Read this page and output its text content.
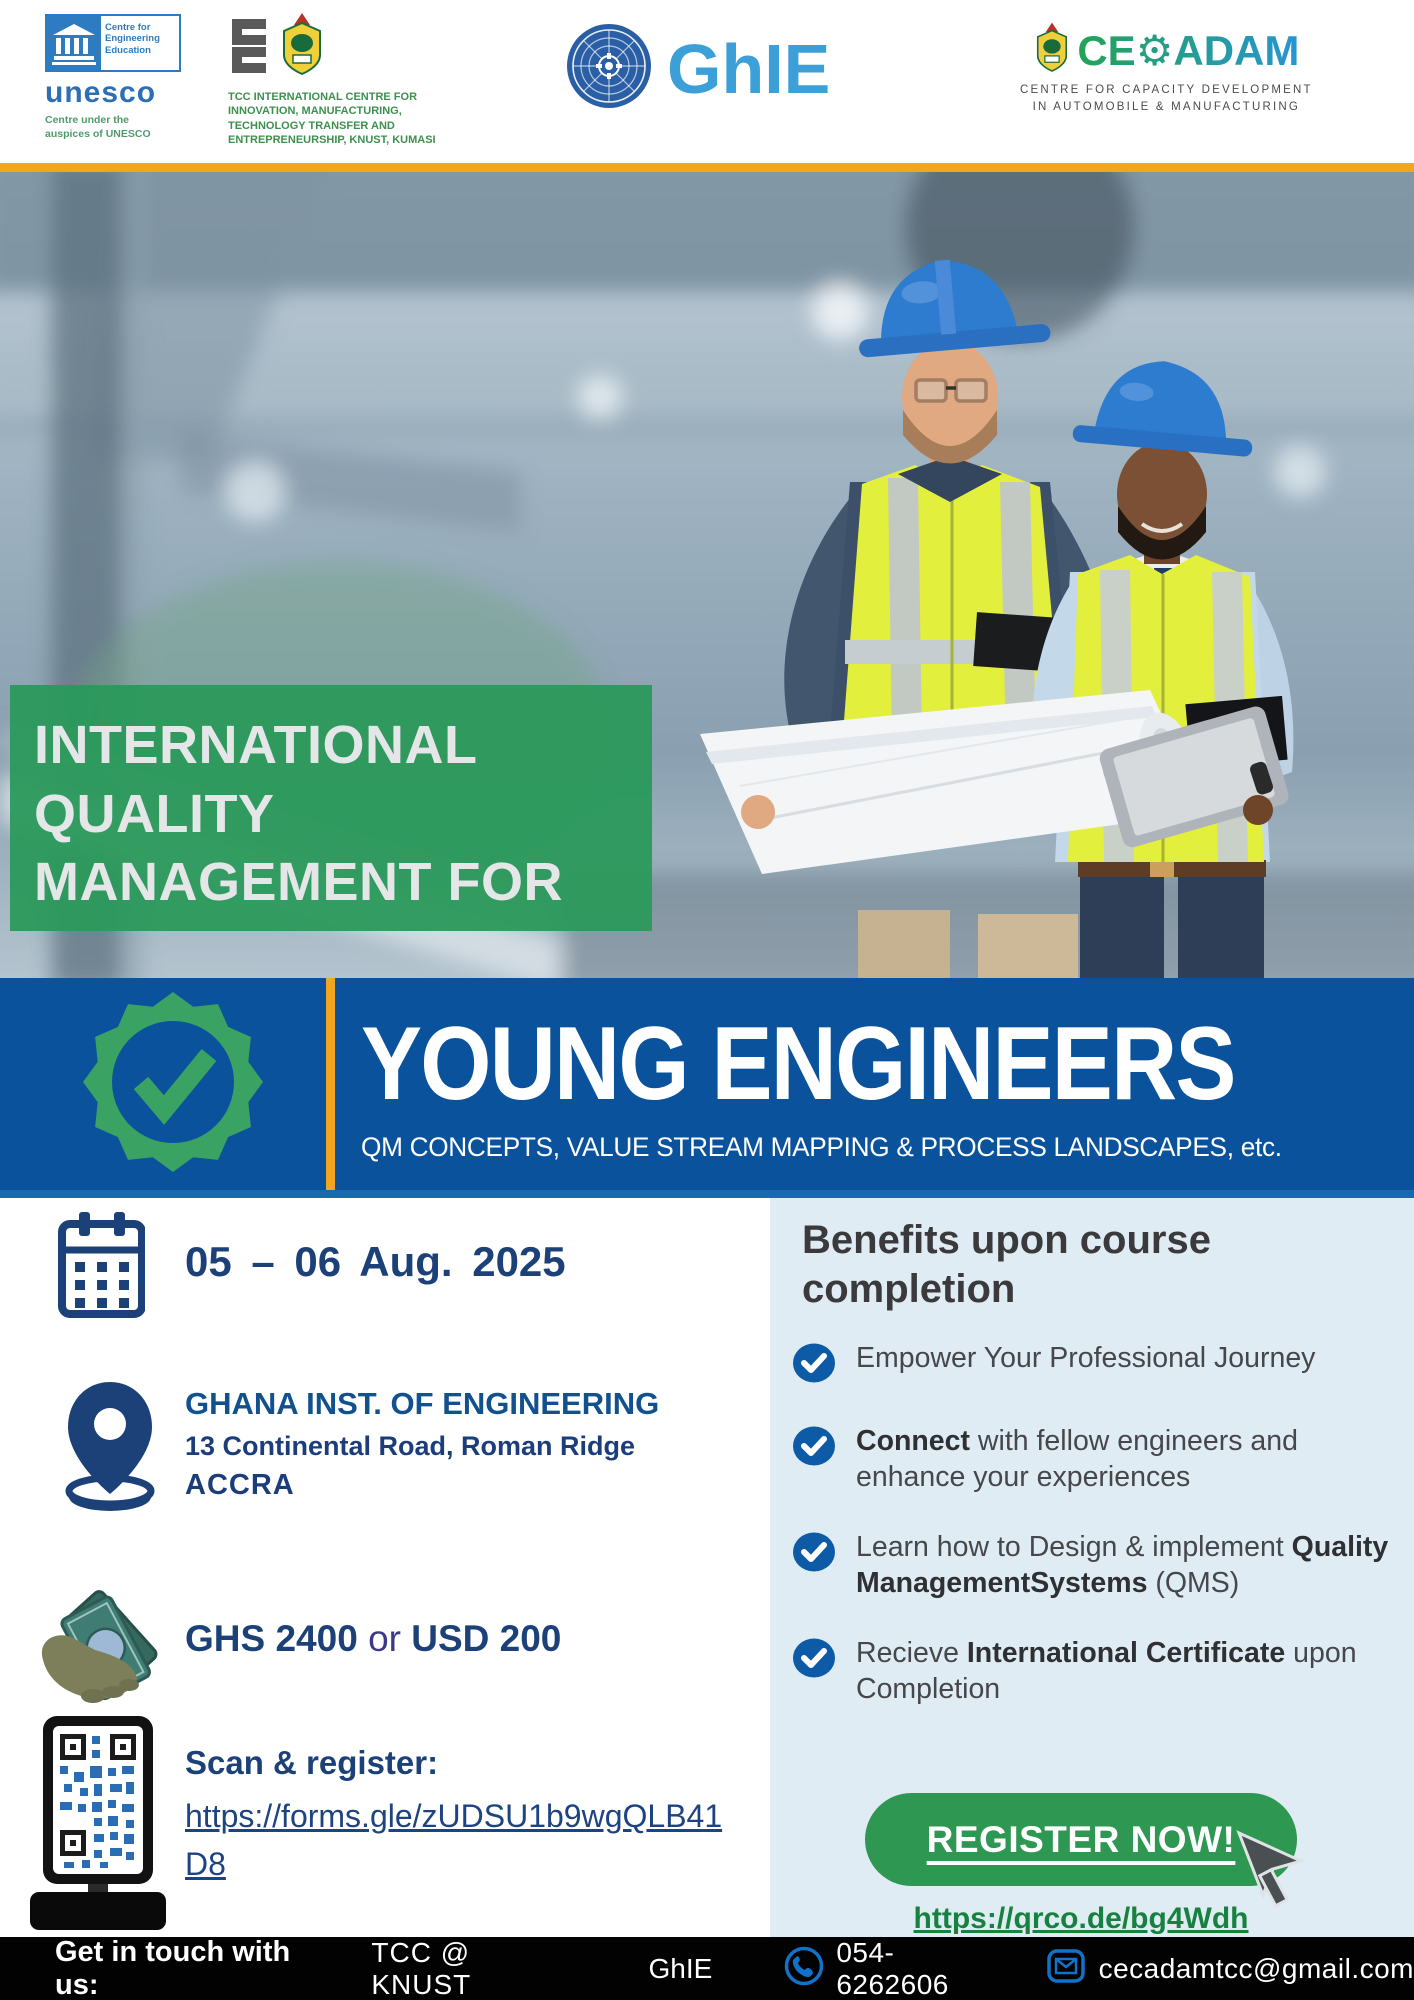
Centre for
Engineering
Education
unesco
Centre under the
auspices of UNESCO
TCC INTERNATIONAL CENTRE FOR
INNOVATION, MANUFACTURING,
TECHNOLOGY TRANSFER AND
ENTREPRENEURSHIP, KNUST, KUMASI
GhIE	CE⚙ADAM
CENTRE FOR CAPACITY DEVELOPMENT
IN AUTOMOBILE & MANUFACTURING
INTERNATIONAL
QUALITY
MANAGEMENT FOR
YOUNG ENGINEERS
QM CONCEPTS, VALUE STREAM MAPPING & PROCESS LANDSCAPES, etc.
05 – 06 Aug. 2025
GHANA INST. OF ENGINEERING
13 Continental Road, Roman Ridge
ACCRA
GHS 2400 or USD 200
Scan & register:
https://forms.gle/zUDSU1b9wgQLB41D8
Benefits upon course
completion
Empower Your Professional Journey
Connect with fellow engineers and enhance your experiences
Learn how to Design & implement Quality ManagementSystems (QMS)
Recieve International Certificate upon Completion
REGISTER NOW!
https://qrco.de/bg4Wdh
Get in touch with us:
TCC @ KNUST
GhIE
054-6262606
cecadamtcc@gmail.com
